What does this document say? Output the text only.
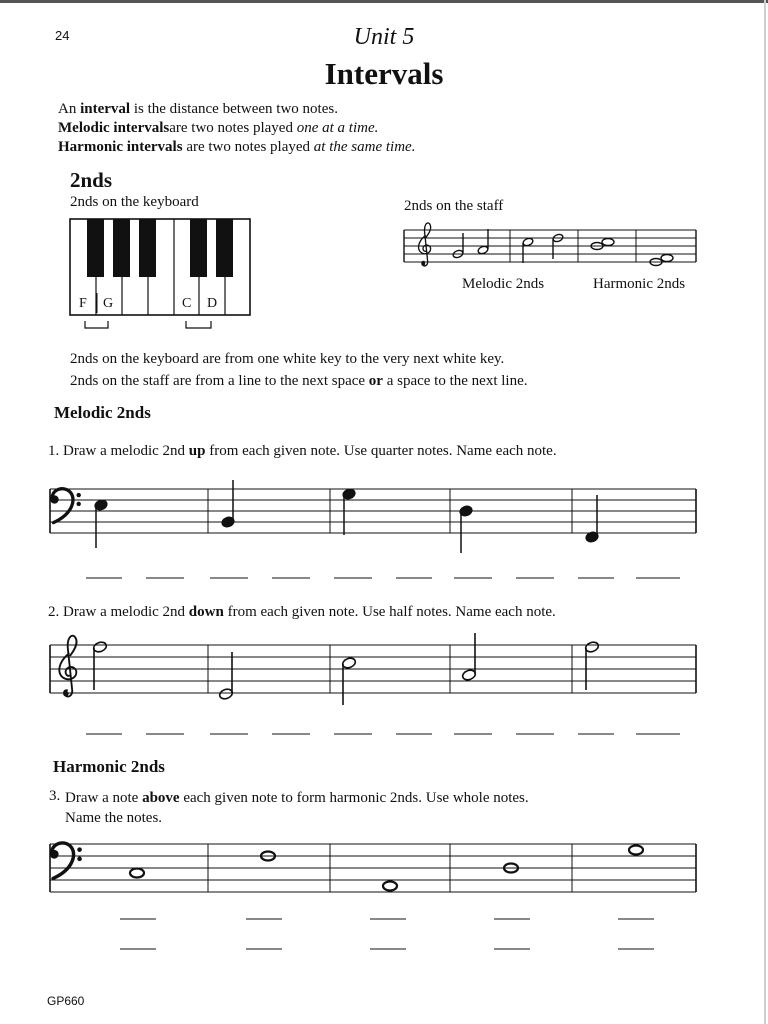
24	Unit 5
Intervals
An interval is the distance between two notes.
Melodic intervalsare two notes played one at a time.
Harmonic intervals are two notes played at the same time.
2nds
2nds on the keyboard	2nds on the staff
Melodic 2nds	Harmonic 2nds
2nds on the keyboard are from one white key to the very next white key.
2nds on the staff are from a line to the next space or a space to the next line.
Melodic 2nds
1. Draw a melodic 2nd up from each given note. Use quarter notes. Name each note.
2. Draw a melodic 2nd down from each given note. Use half notes. Name each note.
Harmonic 2nds
3. Draw a note above each given note to form harmonic 2nds. Use whole notes.
Name the notes.
GP660
F G	C D
